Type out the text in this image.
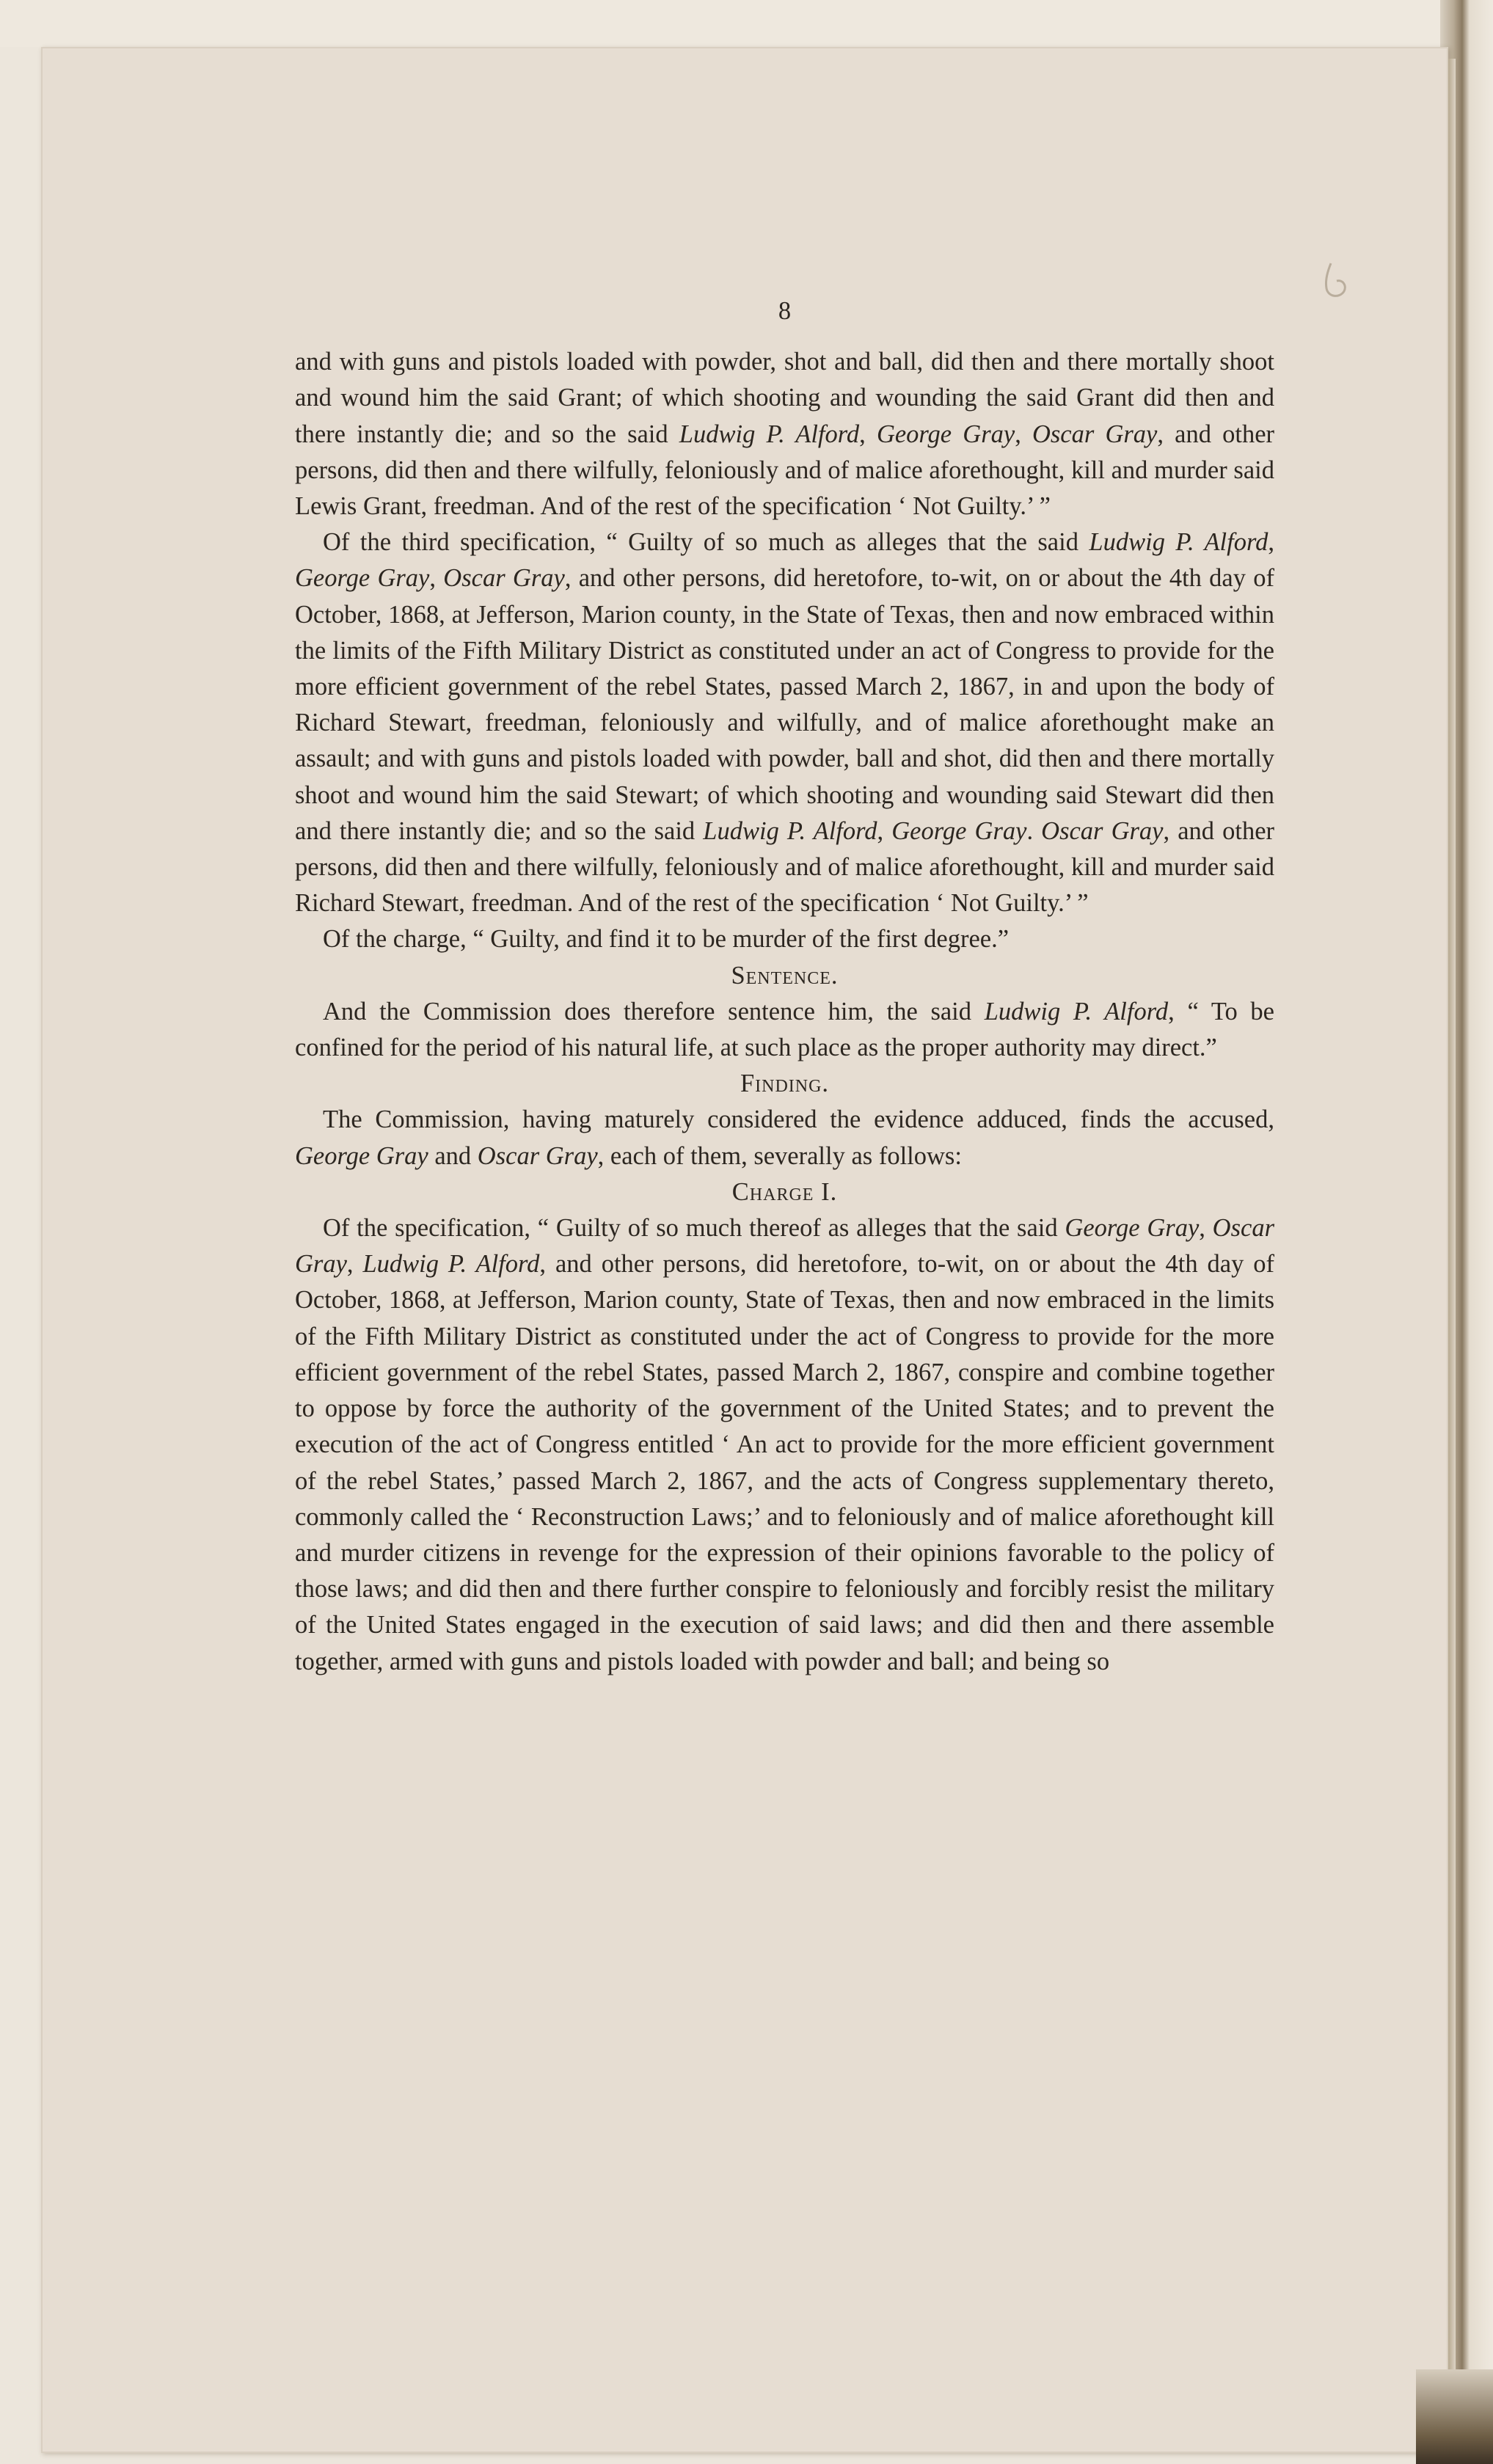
8

and with guns and pistols loaded with powder, shot and ball, did then and there mortally shoot and wound him the said Grant; of which shooting and wounding the said Grant did then and there instantly die; and so the said Ludwig P. Alford, George Gray, Oscar Gray, and other persons, did then and there wilfully, feloniously and of malice aforethought, kill and murder said Lewis Grant, freedman. And of the rest of the specification ‘ Not Guilty.’ ”

Of the third specification, “ Guilty of so much as alleges that the said Ludwig P. Alford, George Gray, Oscar Gray, and other persons, did heretofore, to-wit, on or about the 4th day of October, 1868, at Jefferson, Marion county, in the State of Texas, then and now embraced within the limits of the Fifth Military District as constituted under an act of Congress to provide for the more efficient government of the rebel States, passed March 2, 1867, in and upon the body of Richard Stewart, freedman, feloniously and wilfully, and of malice aforethought make an assault; and with guns and pistols loaded with powder, ball and shot, did then and there mortally shoot and wound him the said Stewart; of which shooting and wounding said Stewart did then and there instantly die; and so the said Ludwig P. Alford, George Gray. Oscar Gray, and other persons, did then and there wilfully, feloniously and of malice aforethought, kill and murder said Richard Stewart, freedman. And of the rest of the specification ‘ Not Guilty.’ ”

Of the charge, “ Guilty, and find it to be murder of the first degree.”

Sentence.

And the Commission does therefore sentence him, the said Ludwig P. Alford, “ To be confined for the period of his natural life, at such place as the proper authority may direct.”

Finding.

The Commission, having maturely considered the evidence adduced, finds the accused, George Gray and Oscar Gray, each of them, severally as follows:

Charge I.

Of the specification, “ Guilty of so much thereof as alleges that the said George Gray, Oscar Gray, Ludwig P. Alford, and other persons, did heretofore, to-wit, on or about the 4th day of October, 1868, at Jefferson, Marion county, State of Texas, then and now embraced in the limits of the Fifth Military District as constituted under the act of Congress to provide for the more efficient government of the rebel States, passed March 2, 1867, conspire and combine together to oppose by force the authority of the government of the United States; and to prevent the execution of the act of Congress entitled ‘ An act to provide for the more efficient government of the rebel States,’ passed March 2, 1867, and the acts of Congress supplementary thereto, commonly called the ‘ Reconstruction Laws;’ and to feloniously and of malice aforethought kill and murder citizens in revenge for the expression of their opinions favorable to the policy of those laws; and did then and there further conspire to feloniously and forcibly resist the military of the United States engaged in the execution of said laws; and did then and there assemble together, armed with guns and pistols loaded with powder and ball; and being so
